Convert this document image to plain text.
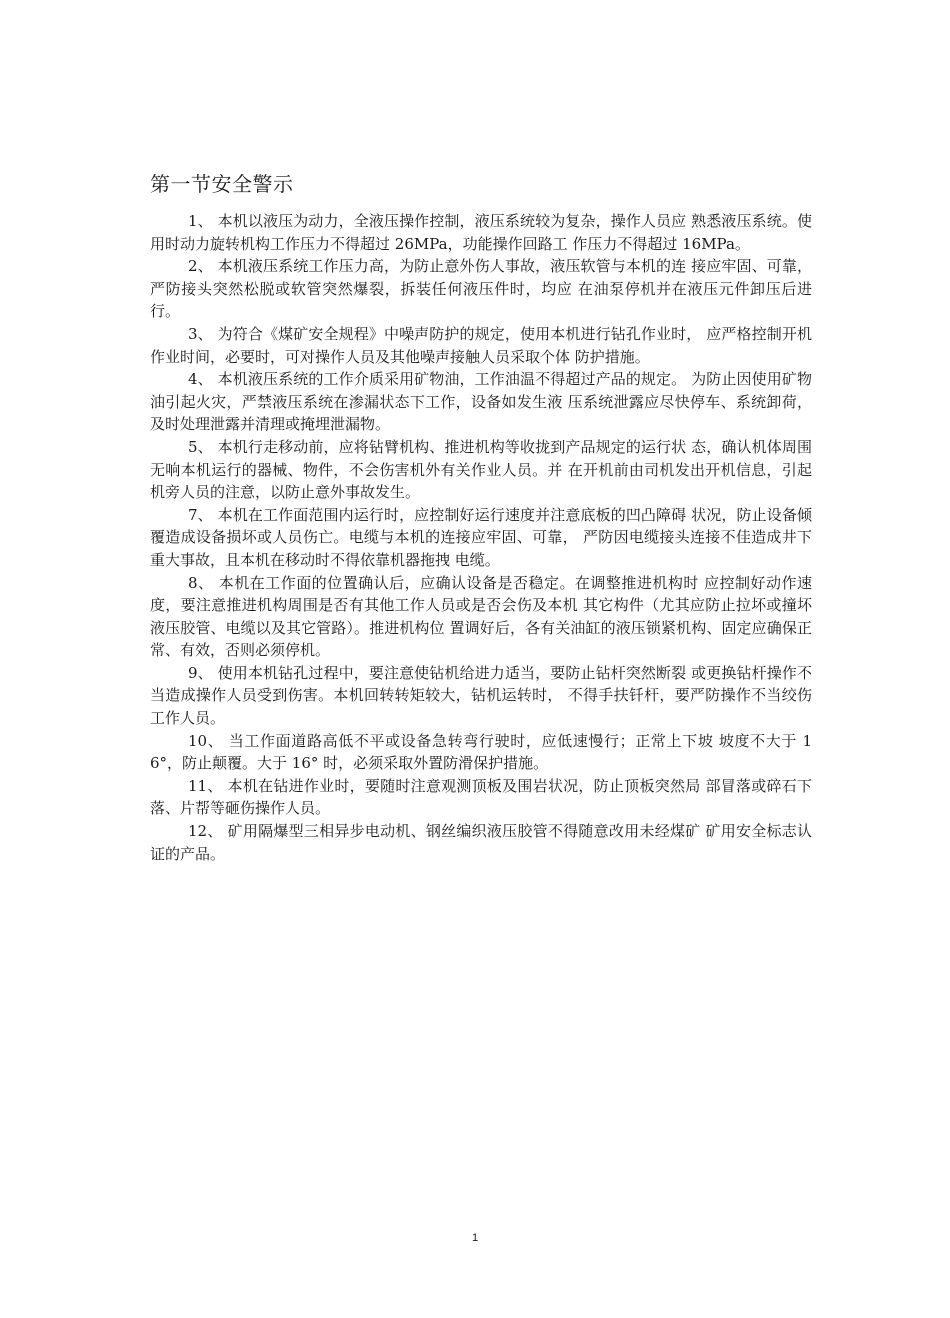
第一节安全警示

1、 本机以液压为动力，全液压操作控制，液压系统较为复杂，操作人员应 熟悉液压系统。使用时动力旋转机构工作压力不得超过 26MPa，功能操作回路工 作压力不得超过 16MPa。

2、 本机液压系统工作压力高，为防止意外伤人事故，液压软管与本机的连 接应牢固、可靠，严防接头突然松脱或软管突然爆裂，拆装任何液压件时，均应 在油泵停机并在液压元件卸压后进行。

3、 为符合《煤矿安全规程》中噪声防护的规定，使用本机进行钻孔作业时， 应严格控制开机作业时间，必要时，可对操作人员及其他噪声接触人员采取个体 防护措施。

4、 本机液压系统的工作介质采用矿物油，工作油温不得超过产品的规定。 为防止因使用矿物油引起火灾，严禁液压系统在渗漏状态下工作，设备如发生液 压系统泄露应尽快停车、系统卸荷，及时处理泄露并清理或掩埋泄漏物。

5、 本机行走移动前，应将钻臂机构、推进机构等收拢到产品规定的运行状 态，确认机体周围无响本机运行的器械、物件，不会伤害机外有关作业人员。并 在开机前由司机发出开机信息，引起机旁人员的注意，以防止意外事故发生。

7、 本机在工作面范围内运行时，应控制好运行速度并注意底板的凹凸障碍 状况，防止设备倾覆造成设备损坏或人员伤亡。电缆与本机的连接应牢固、可靠， 严防因电缆接头连接不佳造成井下重大事故，且本机在移动时不得依靠机器拖拽 电缆。

8、 本机在工作面的位置确认后，应确认设备是否稳定。在调整推进机构时 应控制好动作速度，要注意推进机构周围是否有其他工作人员或是否会伤及本机 其它构件（尤其应防止拉坏或撞坏液压胶管、电缆以及其它管路）。推进机构位 置调好后，各有关油缸的液压锁紧机构、固定应确保正常、有效，否则必须停机。

9、 使用本机钻孔过程中，要注意使钻机给进力适当，要防止钻杆突然断裂 或更换钻杆操作不当造成操作人员受到伤害。本机回转转矩较大，钻机运转时， 不得手扶钎杆，要严防操作不当绞伤工作人员。

10、 当工作面道路高低不平或设备急转弯行驶时，应低速慢行；正常上下坡 坡度不大于 16°，防止颠覆。大于 16° 时，必须采取外置防滑保护措施。

11、 本机在钻进作业时，要随时注意观测顶板及围岩状况，防止顶板突然局 部冒落或碎石下落、片帮等砸伤操作人员。

12、 矿用隔爆型三相异步电动机、钢丝编织液压胶管不得随意改用未经煤矿 矿用安全标志认证的产品。

1
